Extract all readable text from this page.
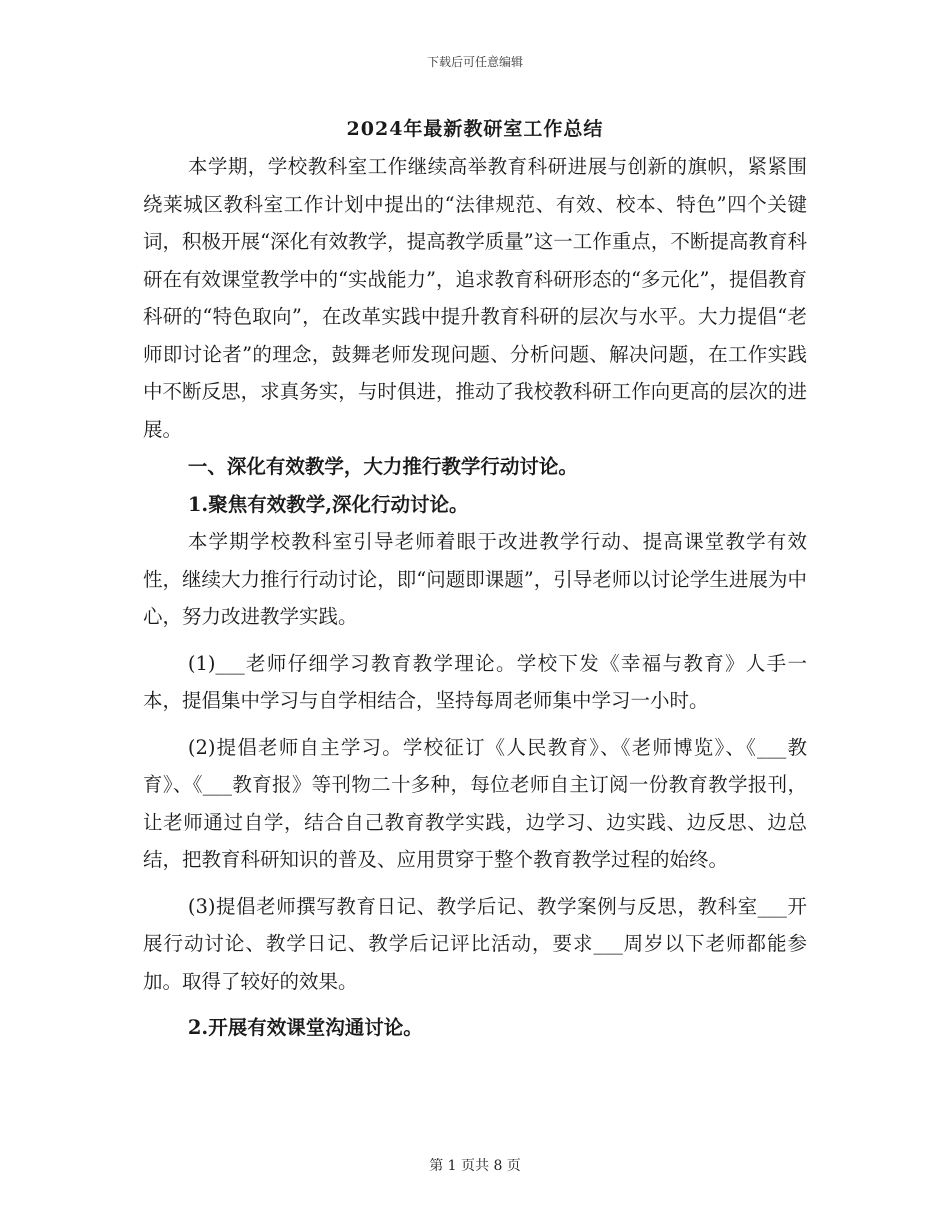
下载后可任意编辑
2024年最新教研室工作总结

本学期，学校教科室工作继续高举教育科研进展与创新的旗帜，紧紧围绕莱城区教科室工作计划中提出的“法律规范、有效、校本、特色”四个关键词，积极开展“深化有效教学，提高教学质量”这一工作重点，不断提高教育科研在有效课堂教学中的“实战能力”，追求教育科研形态的“多元化”，提倡教育科研的“特色取向”，在改革实践中提升教育科研的层次与水平。大力提倡“老师即讨论者”的理念，鼓舞老师发现问题、分析问题、解决问题，在工作实践中不断反思，求真务实，与时俱进，推动了我校教科研工作向更高的层次的进展。

一、深化有效教学，大力推行教学行动讨论。

1.聚焦有效教学,深化行动讨论。

本学期学校教科室引导老师着眼于改进教学行动、提高课堂教学有效性，继续大力推行行动讨论，即“问题即课题”，引导老师以讨论学生进展为中心，努力改进教学实践。

(1)___老师仔细学习教育教学理论。学校下发《幸福与教育》人手一本，提倡集中学习与自学相结合，坚持每周老师集中学习一小时。

(2)提倡老师自主学习。学校征订《人民教育》、《老师博览》、《___教育》、《___教育报》等刊物二十多种，每位老师自主订阅一份教育教学报刊，让老师通过自学，结合自己教育教学实践，边学习、边实践、边反思、边总结，把教育科研知识的普及、应用贯穿于整个教育教学过程的始终。

(3)提倡老师撰写教育日记、教学后记、教学案例与反思，教科室___开展行动讨论、教学日记、教学后记评比活动，要求___周岁以下老师都能参加。取得了较好的效果。

2.开展有效课堂沟通讨论。

第 1 页共 8 页
